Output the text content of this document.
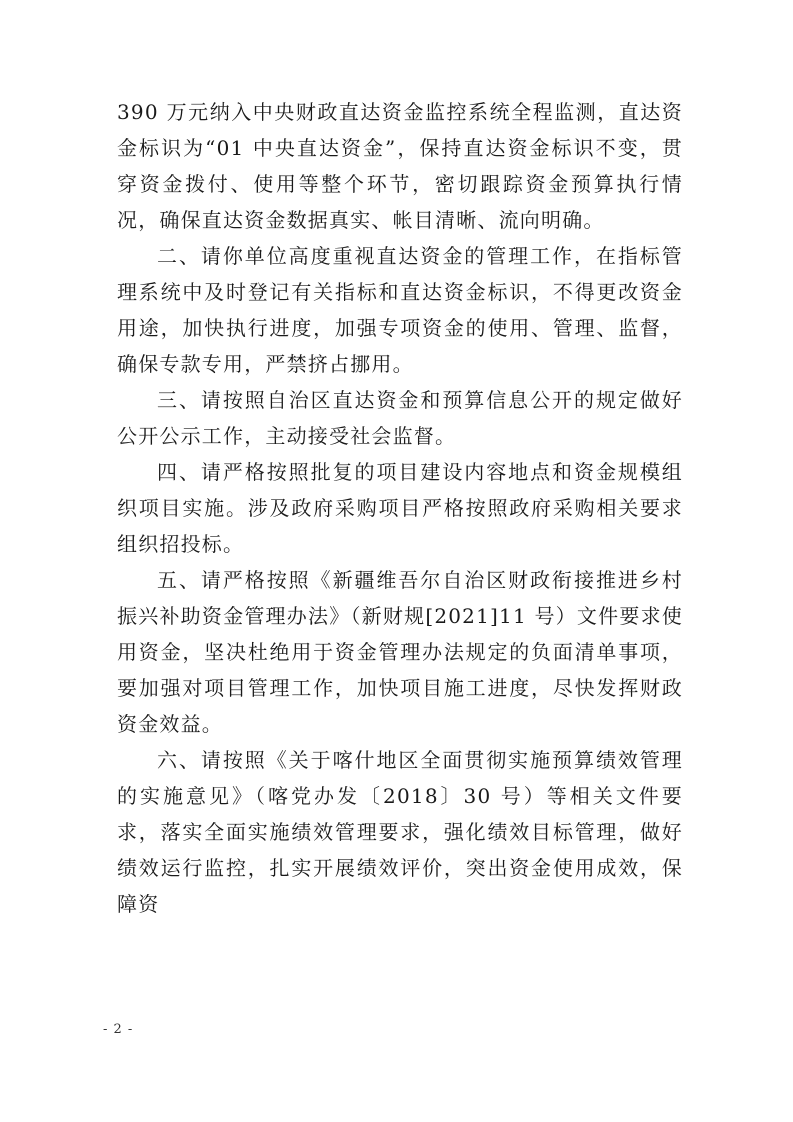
390 万元纳入中央财政直达资金监控系统全程监测，直达资金标识为“01 中央直达资金”，保持直达资金标识不变，贯穿资金拨付、使用等整个环节，密切跟踪资金预算执行情况，确保直达资金数据真实、帐目清晰、流向明确。

二、请你单位高度重视直达资金的管理工作，在指标管理系统中及时登记有关指标和直达资金标识，不得更改资金用途，加快执行进度，加强专项资金的使用、管理、监督，确保专款专用，严禁挤占挪用。

三、请按照自治区直达资金和预算信息公开的规定做好公开公示工作，主动接受社会监督。

四、请严格按照批复的项目建设内容地点和资金规模组织项目实施。涉及政府采购项目严格按照政府采购相关要求组织招投标。

五、请严格按照《新疆维吾尔自治区财政衔接推进乡村振兴补助资金管理办法》（新财规[2021]11 号）文件要求使用资金，坚决杜绝用于资金管理办法规定的负面清单事项，要加强对项目管理工作，加快项目施工进度，尽快发挥财政资金效益。

六、请按照《关于喀什地区全面贯彻实施预算绩效管理的实施意见》（喀党办发〔2018〕30 号）等相关文件要求，落实全面实施绩效管理要求，强化绩效目标管理，做好绩效运行监控，扎实开展绩效评价，突出资金使用成效，保障资

- 2 -
